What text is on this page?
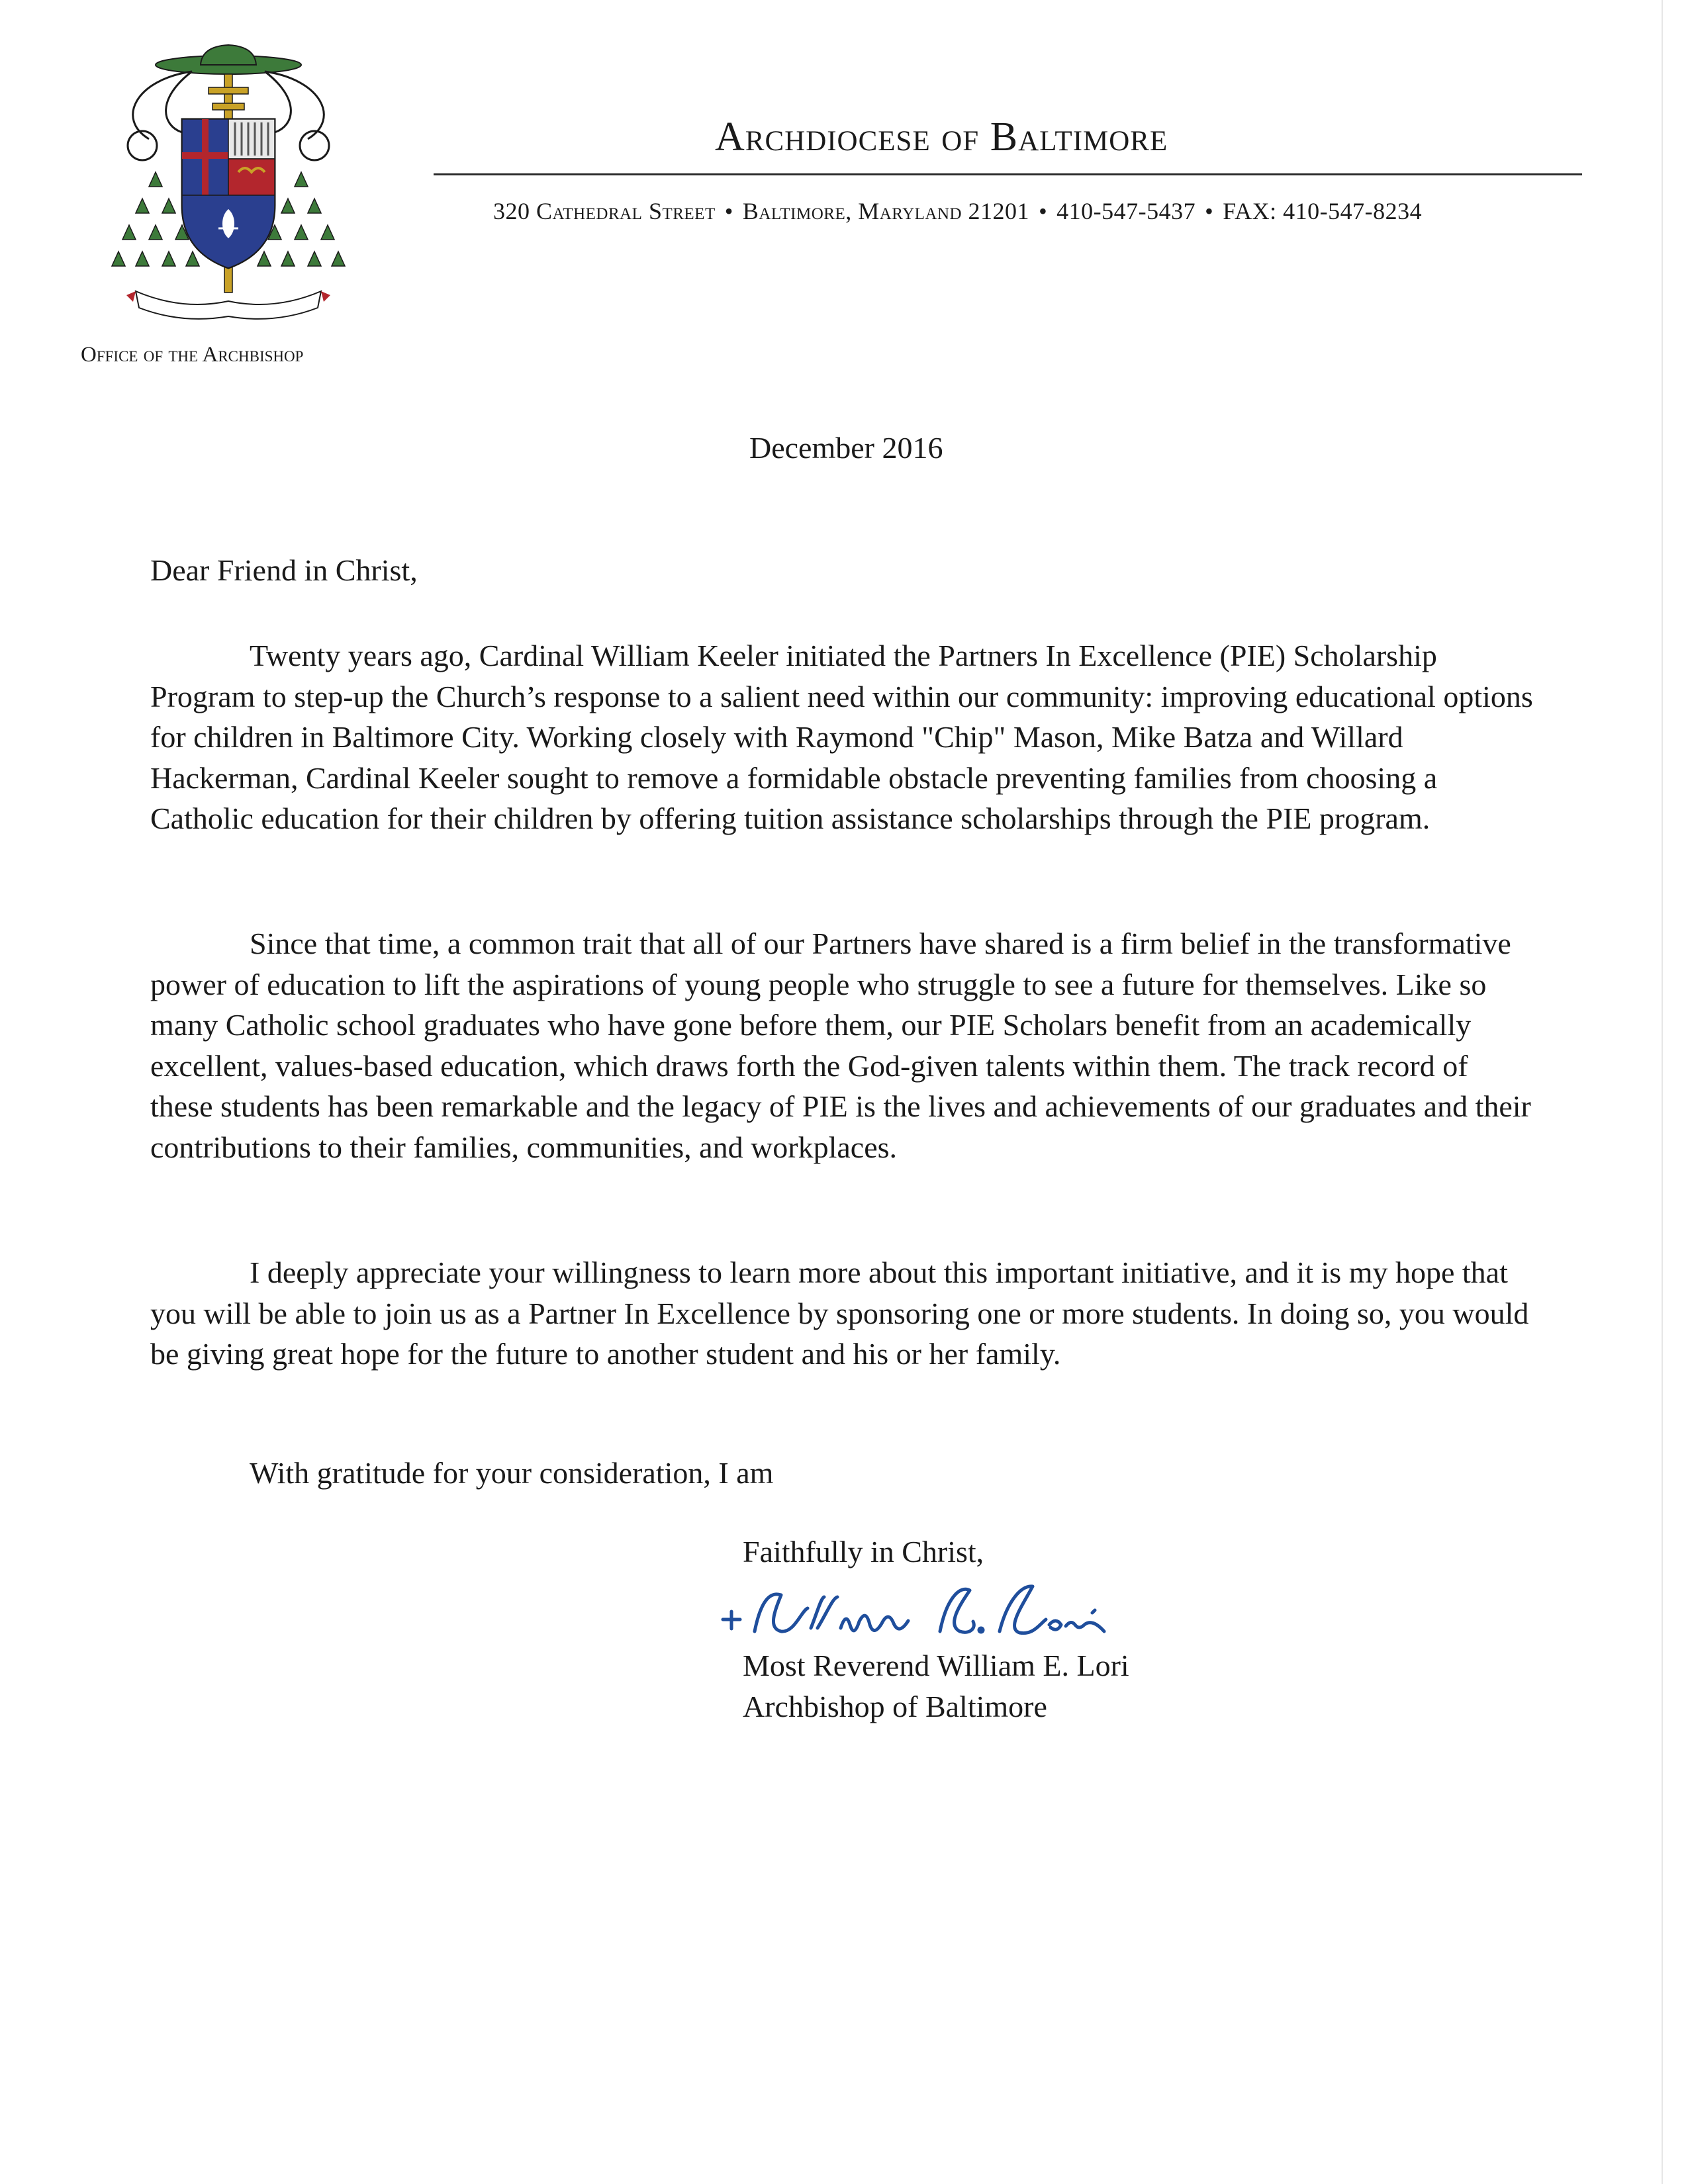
Archdiocese of Baltimore
320 Cathedral Street • Baltimore, Maryland 21201 • 410-547-5437 • FAX: 410-547-8234
Office of the Archbishop
December 2016
Dear Friend in Christ,
Twenty years ago, Cardinal William Keeler initiated the Partners In Excellence (PIE) Scholarship Program to step-up the Church’s response to a salient need within our community: improving educational options for children in Baltimore City. Working closely with Raymond "Chip" Mason, Mike Batza and Willard Hackerman, Cardinal Keeler sought to remove a formidable obstacle preventing families from choosing a Catholic education for their children by offering tuition assistance scholarships through the PIE program.
Since that time, a common trait that all of our Partners have shared is a firm belief in the transformative power of education to lift the aspirations of young people who struggle to see a future for themselves. Like so many Catholic school graduates who have gone before them, our PIE Scholars benefit from an academically excellent, values-based education, which draws forth the God-given talents within them. The track record of these students has been remarkable and the legacy of PIE is the lives and achievements of our graduates and their contributions to their families, communities, and workplaces.
I deeply appreciate your willingness to learn more about this important initiative, and it is my hope that you will be able to join us as a Partner In Excellence by sponsoring one or more students. In doing so, you would be giving great hope for the future to another student and his or her family.
With gratitude for your consideration, I am
Faithfully in Christ,
Most Reverend William E. Lori
Archbishop of Baltimore
